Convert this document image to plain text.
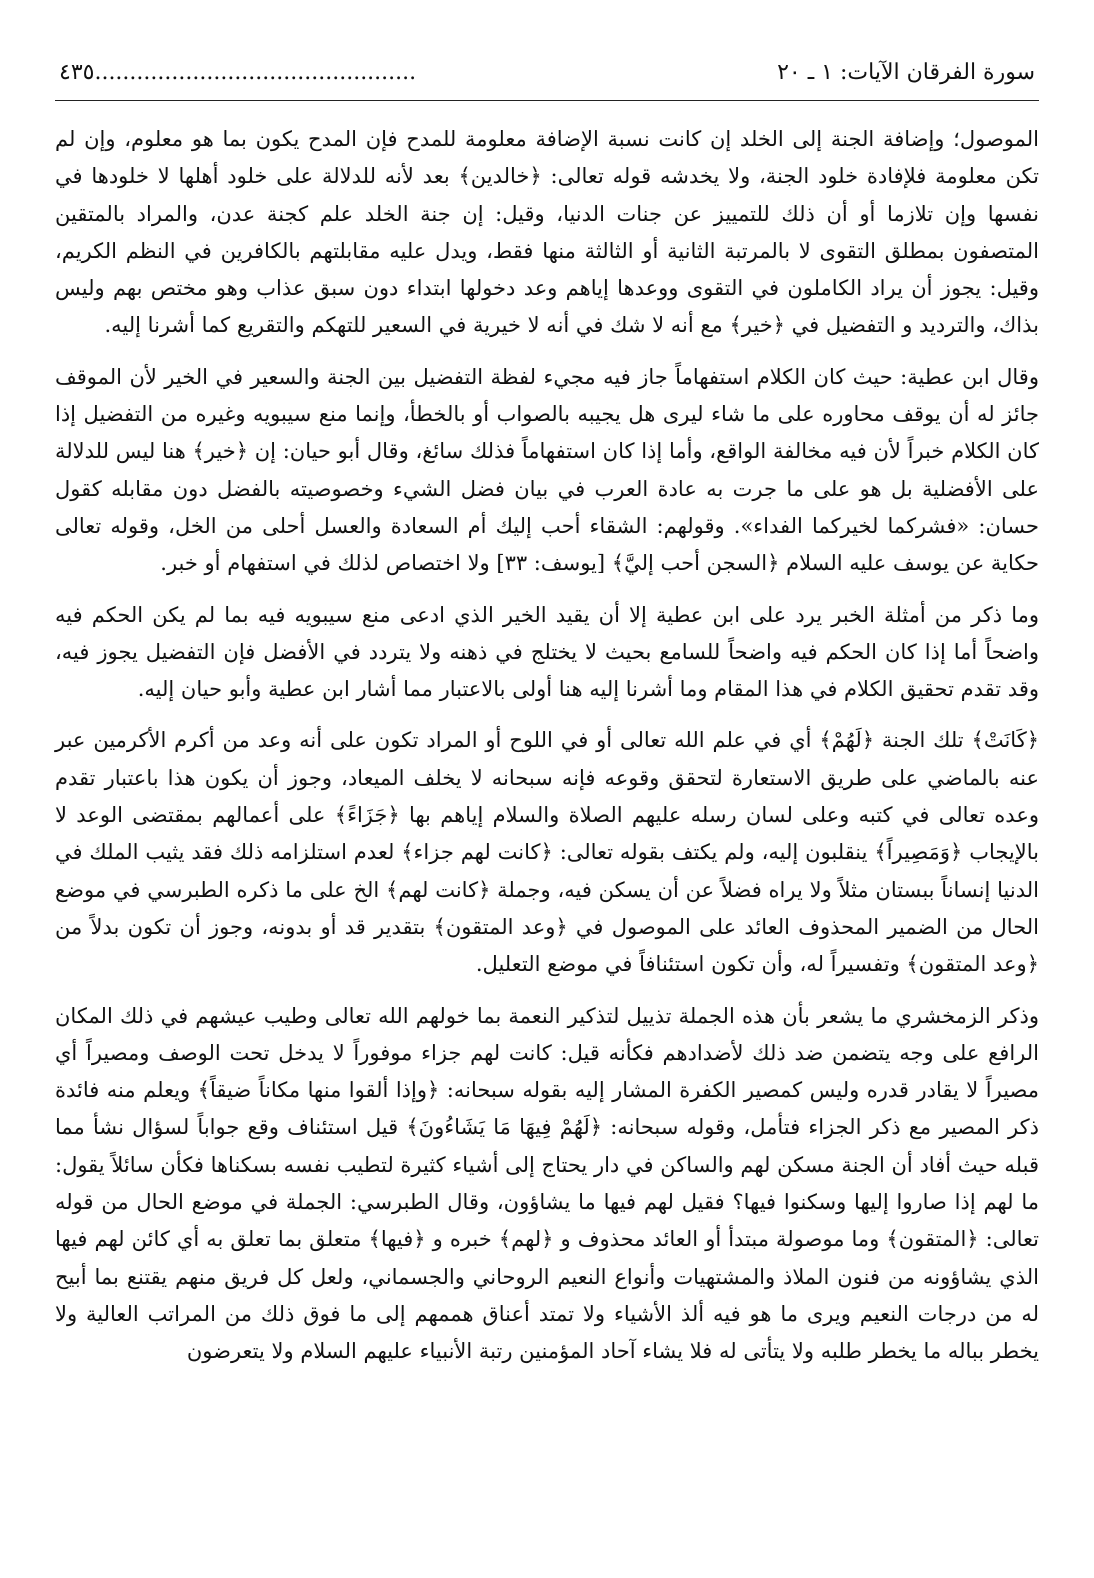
سورة الفرقان الآيات: ١ ـ ٢٠
٤٣٥..............................................

الموصول؛ وإضافة الجنة إلى الخلد إن كانت نسبة الإضافة معلومة للمدح فإن المدح يكون بما هو معلوم، وإن لم تكن معلومة فلإفادة خلود الجنة، ولا يخدشه قوله تعالى: ﴿خالدين﴾ بعد لأنه للدلالة على خلود أهلها لا خلودها في نفسها وإن تلازما أو أن ذلك للتمييز عن جنات الدنيا، وقيل: إن جنة الخلد علم كجنة عدن، والمراد بالمتقين المتصفون بمطلق التقوى لا بالمرتبة الثانية أو الثالثة منها فقط، ويدل عليه مقابلتهم بالكافرين في النظم الكريم، وقيل: يجوز أن يراد الكاملون في التقوى ووعدها إياهم وعد دخولها ابتداء دون سبق عذاب وهو مختص بهم وليس بذاك، والترديد و التفضيل في ﴿خير﴾ مع أنه لا شك في أنه لا خيرية في السعير للتهكم والتقريع كما أشرنا إليه.

وقال ابن عطية: حيث كان الكلام استفهاماً جاز فيه مجيء لفظة التفضيل بين الجنة والسعير في الخير لأن الموقف جائز له أن يوقف محاوره على ما شاء ليرى هل يجيبه بالصواب أو بالخطأ، وإنما منع سيبويه وغيره من التفضيل إذا كان الكلام خبراً لأن فيه مخالفة الواقع، وأما إذا كان استفهاماً فذلك سائغ، وقال أبو حيان: إن ﴿خير﴾ هنا ليس للدلالة على الأفضلية بل هو على ما جرت به عادة العرب في بيان فضل الشيء وخصوصيته بالفضل دون مقابله كقول حسان: «فشركما لخيركما الفداء». وقولهم: الشقاء أحب إليك أم السعادة والعسل أحلى من الخل، وقوله تعالى حكاية عن يوسف عليه السلام ﴿السجن أحب إليَّ﴾ [يوسف: ٣٣] ولا اختصاص لذلك في استفهام أو خبر.

وما ذكر من أمثلة الخبر يرد على ابن عطية إلا أن يقيد الخير الذي ادعى منع سيبويه فيه بما لم يكن الحكم فيه واضحاً أما إذا كان الحكم فيه واضحاً للسامع بحيث لا يختلج في ذهنه ولا يتردد في الأفضل فإن التفضيل يجوز فيه، وقد تقدم تحقيق الكلام في هذا المقام وما أشرنا إليه هنا أولى بالاعتبار مما أشار ابن عطية وأبو حيان إليه.

﴿كَانَتْ﴾ تلك الجنة ﴿لَهُمْ﴾ أي في علم الله تعالى أو في اللوح أو المراد تكون على أنه وعد من أكرم الأكرمين عبر عنه بالماضي على طريق الاستعارة لتحقق وقوعه فإنه سبحانه لا يخلف الميعاد، وجوز أن يكون هذا باعتبار تقدم وعده تعالى في كتبه وعلى لسان رسله عليهم الصلاة والسلام إياهم بها ﴿جَزَاءً﴾ على أعمالهم بمقتضى الوعد لا بالإيجاب ﴿وَمَصِيراً﴾ ينقلبون إليه، ولم يكتف بقوله تعالى: ﴿كانت لهم جزاء﴾ لعدم استلزامه ذلك فقد يثيب الملك في الدنيا إنساناً ببستان مثلاً ولا يراه فضلاً عن أن يسكن فيه، وجملة ﴿كانت لهم﴾ الخ على ما ذكره الطبرسي في موضع الحال من الضمير المحذوف العائد على الموصول في ﴿وعد المتقون﴾ بتقدير قد أو بدونه، وجوز أن تكون بدلاً من ﴿وعد المتقون﴾ وتفسيراً له، وأن تكون استئنافاً في موضع التعليل.

وذكر الزمخشري ما يشعر بأن هذه الجملة تذييل لتذكير النعمة بما خولهم الله تعالى وطيب عيشهم في ذلك المكان الرافع على وجه يتضمن ضد ذلك لأضدادهم فكأنه قيل: كانت لهم جزاء موفوراً لا يدخل تحت الوصف ومصيراً أي مصيراً لا يقادر قدره وليس كمصير الكفرة المشار إليه بقوله سبحانه: ﴿وإذا ألقوا منها مكاناً ضيقاً﴾ ويعلم منه فائدة ذكر المصير مع ذكر الجزاء فتأمل، وقوله سبحانه: ﴿لَهُمْ فِيهَا مَا يَشَاءُونَ﴾ قيل استئناف وقع جواباً لسؤال نشأ مما قبله حيث أفاد أن الجنة مسكن لهم والساكن في دار يحتاج إلى أشياء كثيرة لتطيب نفسه بسكناها فكأن سائلاً يقول: ما لهم إذا صاروا إليها وسكنوا فيها؟ فقيل لهم فيها ما يشاؤون، وقال الطبرسي: الجملة في موضع الحال من قوله تعالى: ﴿المتقون﴾ وما موصولة مبتدأ أو العائد محذوف و ﴿لهم﴾ خبره و ﴿فيها﴾ متعلق بما تعلق به أي كائن لهم فيها الذي يشاؤونه من فنون الملاذ والمشتهيات وأنواع النعيم الروحاني والجسماني، ولعل كل فريق منهم يقتنع بما أبيح له من درجات النعيم ويرى ما هو فيه ألذ الأشياء ولا تمتد أعناق هممهم إلى ما فوق ذلك من المراتب العالية ولا يخطر بباله ما يخطر طلبه ولا يتأتى له فلا يشاء آحاد المؤمنين رتبة الأنبياء عليهم السلام ولا يتعرضون
